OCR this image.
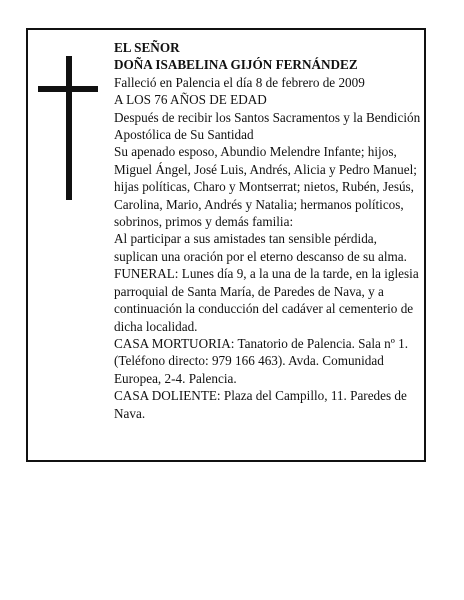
EL SEÑOR

DOÑA ISABELINA GIJÓN FERNÁNDEZ

Falleció en Palencia el día 8 de febrero de 2009

A LOS 76 AÑOS DE EDAD

Después de recibir los Santos Sacramentos y la Bendición Apostólica de Su Santidad

Su apenado esposo, Abundio Melendre Infante; hijos, Miguel Ángel, José Luis, Andrés, Alicia y Pedro Manuel; hijas políticas, Charo y Montserrat; nietos, Rubén, Jesús, Carolina, Mario, Andrés y Natalia; hermanos políticos, sobrinos, primos y demás familia:

Al participar a sus amistades tan sensible pérdida, suplican una oración por el eterno descanso de su alma.

FUNERAL: Lunes día 9, a la una de la tarde, en la iglesia parroquial de Santa María, de Paredes de Nava, y a continuación la conducción del cadáver al cementerio de dicha localidad.

CASA MORTUORIA: Tanatorio de Palencia. Sala nº 1. (Teléfono directo: 979 166 463). Avda. Comunidad Europea, 2-4. Palencia.

CASA DOLIENTE: Plaza del Campillo, 11. Paredes de Nava.
